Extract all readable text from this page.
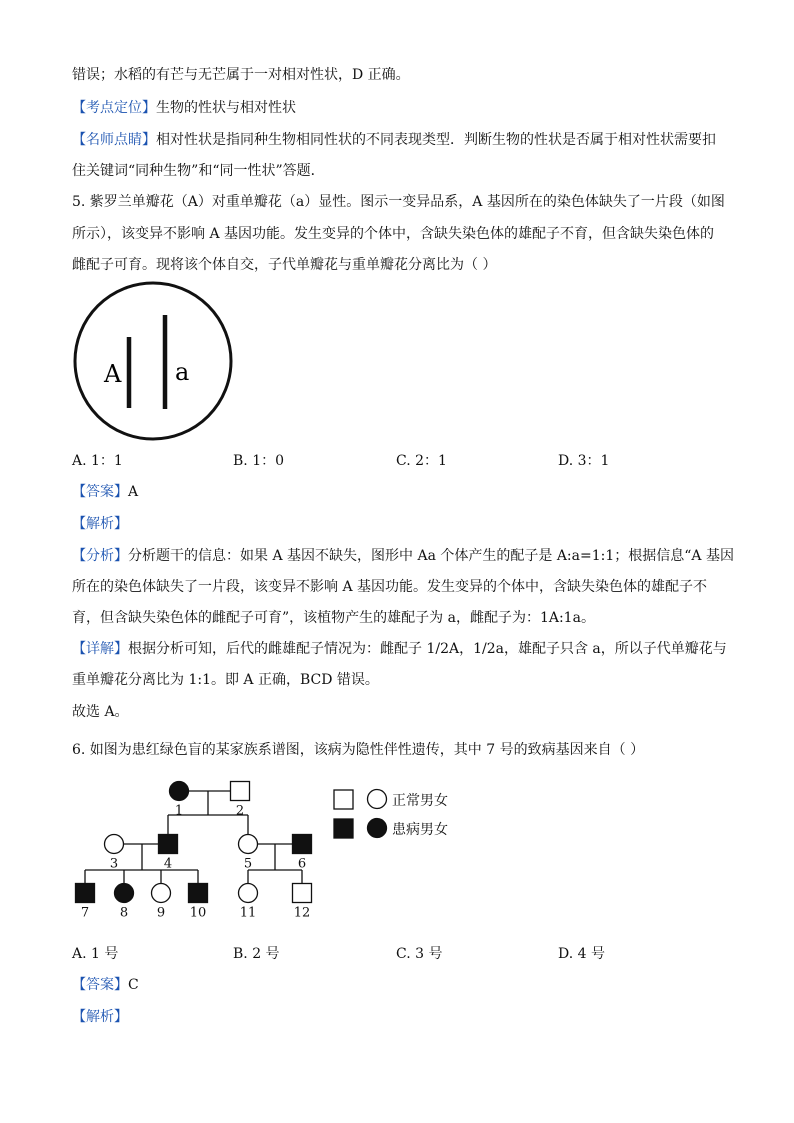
错误；水稻的有芒与无芒属于一对相对性状，D 正确。
【考点定位】生物的性状与相对性状
【名师点睛】相对性状是指同种生物相同性状的不同表现类型．判断生物的性状是否属于相对性状需要扣
住关键词“同种生物”和“同一性状”答题．
5. 紫罗兰单瓣花（A）对重单瓣花（a）显性。图示一变异品系，A 基因所在的染色体缺失了一片段（如图
所示），该变异不影响 A 基因功能。发生变异的个体中，含缺失染色体的雄配子不育，但含缺失染色体的
雌配子可育。现将该个体自交，子代单瓣花与重单瓣花分离比为（ ）
A a
1	2
3	4	5	6
7 8 9 10	11	12
正常男女
患病男女
A. 1：1	B. 1：0	C. 2：1	D. 3：1
【答案】A
【解析】
【分析】分析题干的信息：如果 A 基因不缺失，图形中 Aa 个体产生的配子是 A:a=1:1；根据信息“A 基因
所在的染色体缺失了一片段，该变异不影响 A 基因功能。发生变异的个体中，含缺失染色体的雄配子不
育，但含缺失染色体的雌配子可育”，该植物产生的雄配子为 a，雌配子为：1A:1a。
【详解】根据分析可知，后代的雌雄配子情况为：雌配子 1/2A，1/2a，雄配子只含 a，所以子代单瓣花与
重单瓣花分离比为 1:1。即 A 正确，BCD 错误。
故选 A。
6. 如图为患红绿色盲的某家族系谱图，该病为隐性伴性遗传，其中 7 号的致病基因来自（ ）
A. 1 号	B. 2 号	C. 3 号	D. 4 号
【答案】C
【解析】
